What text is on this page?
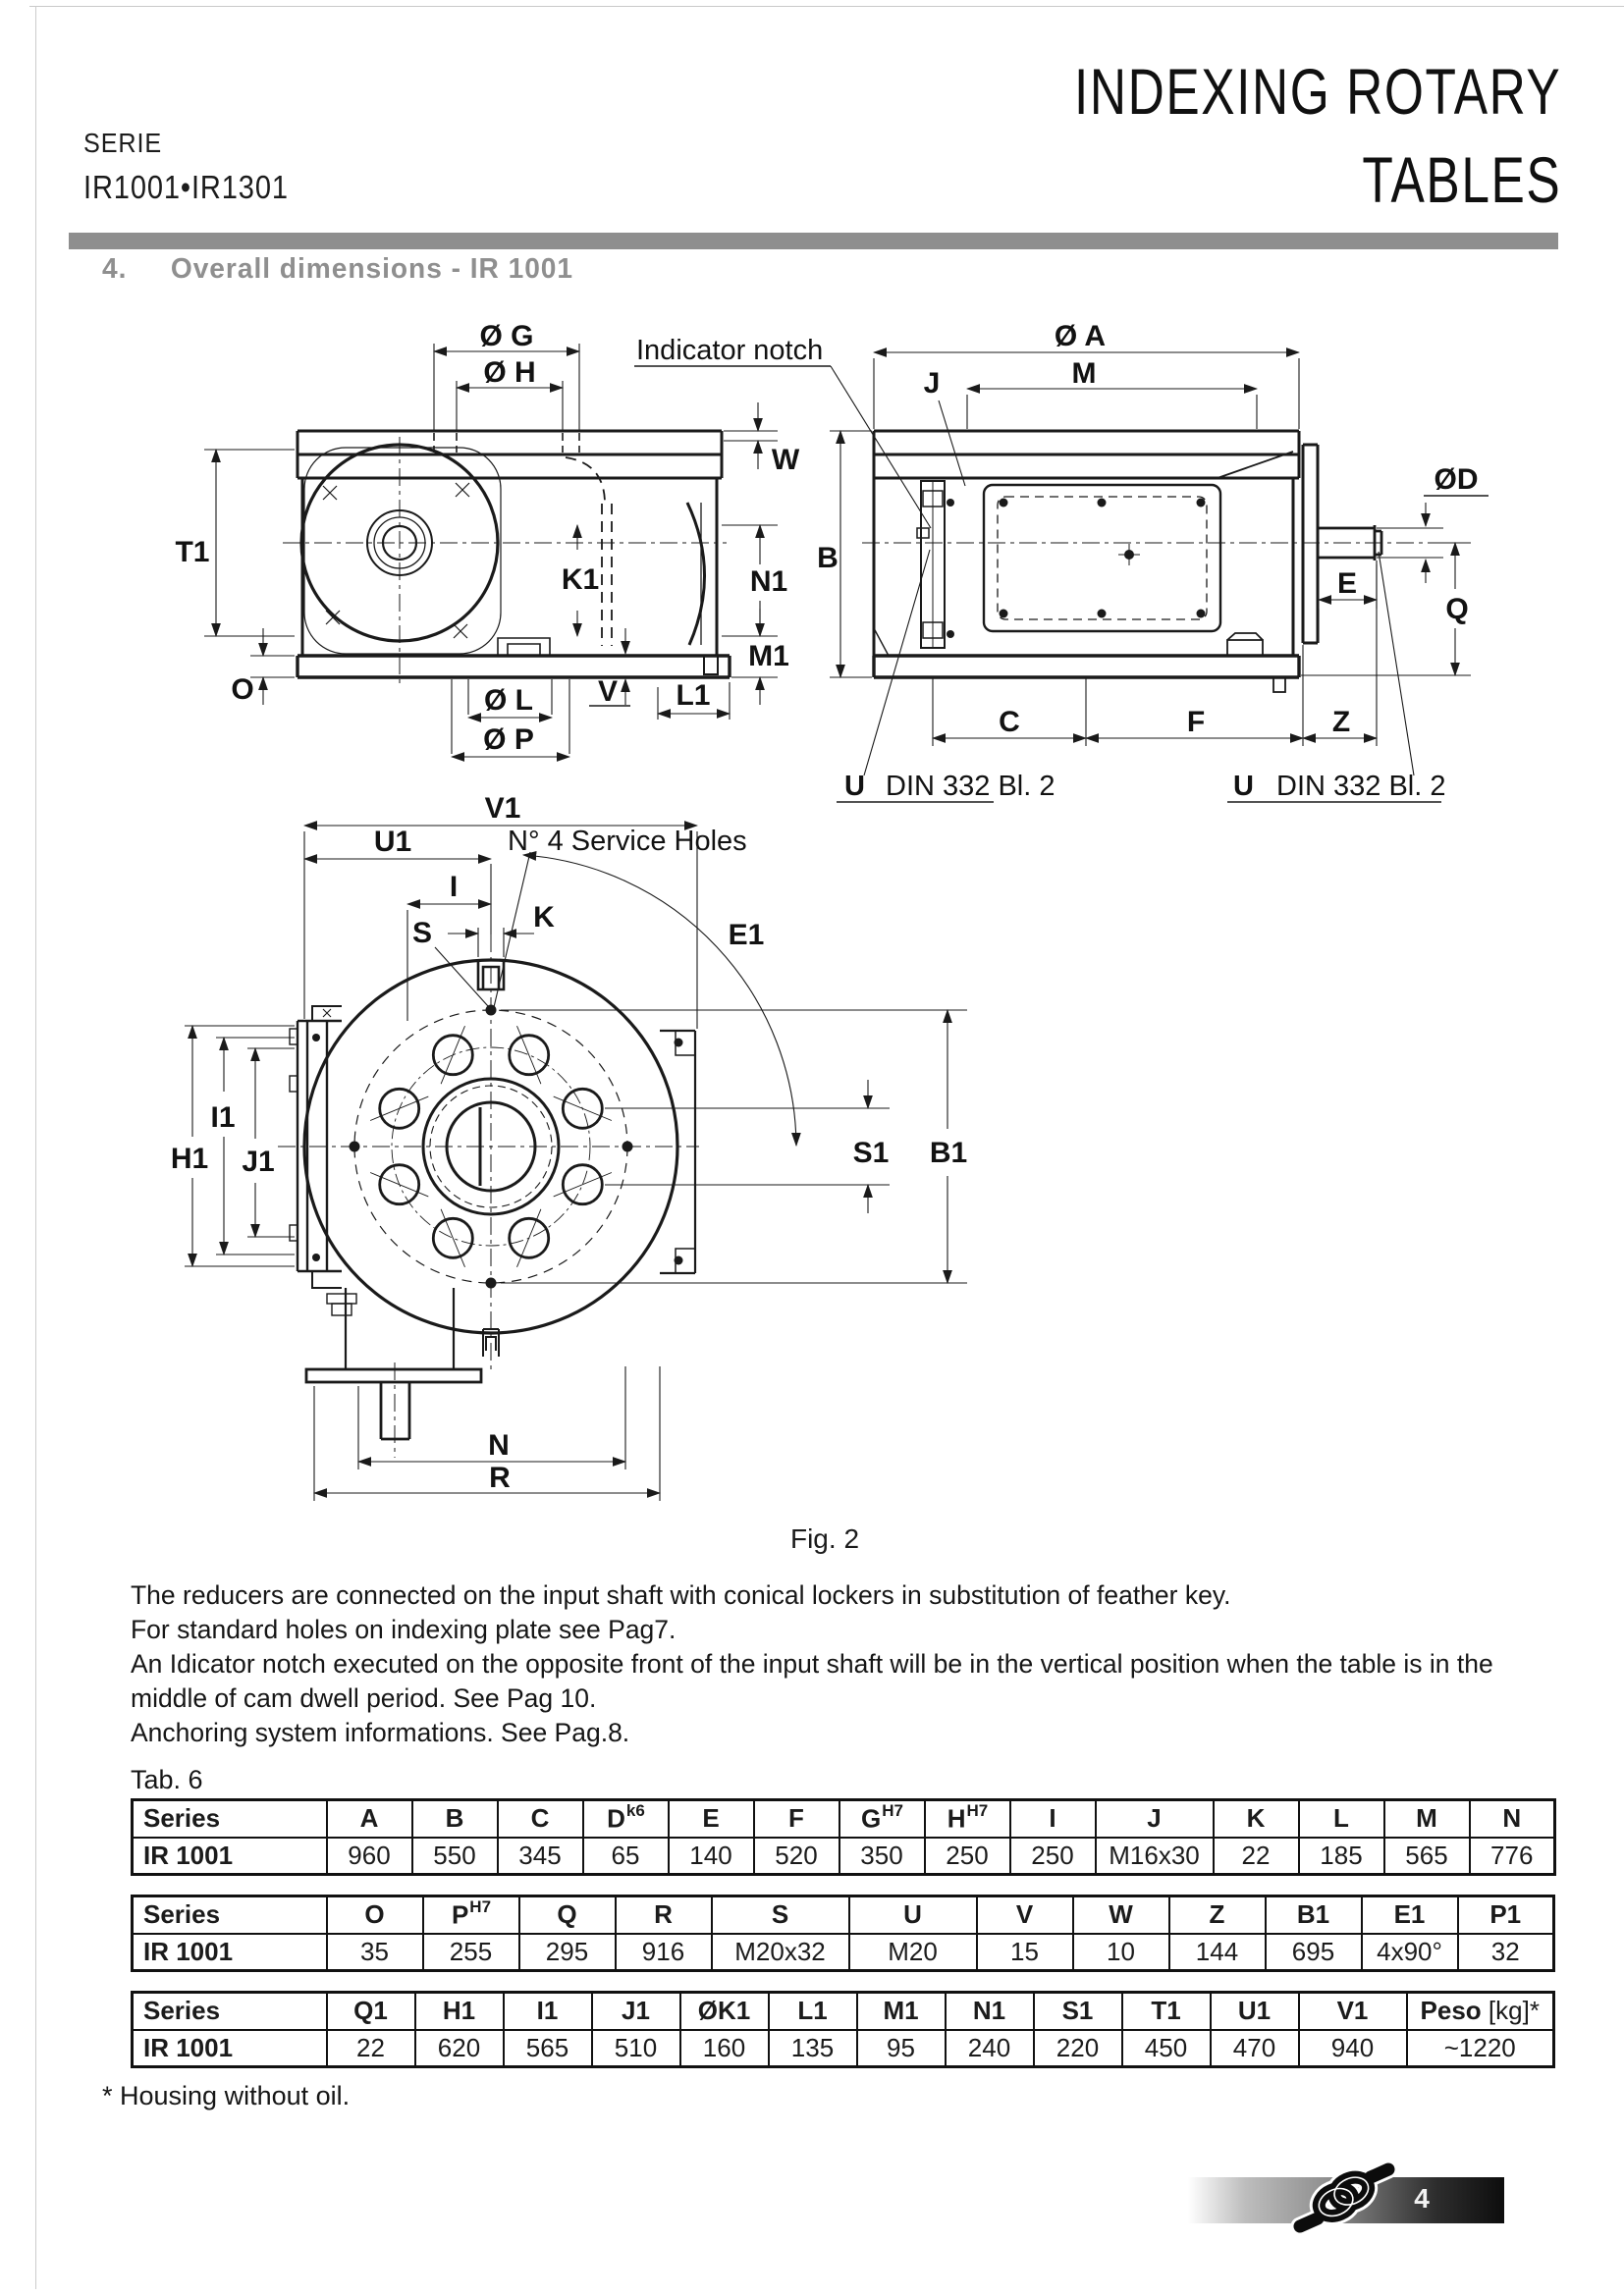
SERIE
IR1001•IR1301
INDEXING ROTARY
TABLES
4. Overall dimensions - IR 1001
Ø G
Ø H
W
T1
O
K1	N1
M1
V L1
Ø L
Ø P
Indicator notch	Ø A
M
J
B
ØD
E
Q
C	F	Z
U DIN 332 Bl. 2	U DIN 332 Bl. 2
V1
U1
I
K
S	E1
I1
H1 J1	S1 B1
N
R
N° 4 Service Holes
Fig. 2
The reducers are connected on the input shaft with conical lockers in substitution of feather key.
For standard holes on indexing plate see Pag7.
An Idicator notch executed on the opposite front of the input shaft will be in the vertical position when the table is in the middle of cam dwell period. See Pag 10.
Anchoring system informations. See Pag.8.
Tab. 6
Series	A	B	C	$D^{k6}$	E	F	$G^{H7}$	$H^{H7}$	I	J	K	L	M	N
IR 1001	960	550	345	65	140	520	350	250	250	M16x30	22	185	565	776
Series	O	$P^{H7}$	Q	R	S	U	V	W	Z	B1	E1	P1
IR 1001	35	255	295	916	M20x32	M20	15	10	144	695	4x90°	32
Series	Q1	H1	I1	J1	ØK1	L1	M1	N1	S1	T1	U1	V1	Peso [kg]*
IR 1001	22	620	565	510	160	135	95	240	220	450	470	940	~1220
* Housing without oil.
4
